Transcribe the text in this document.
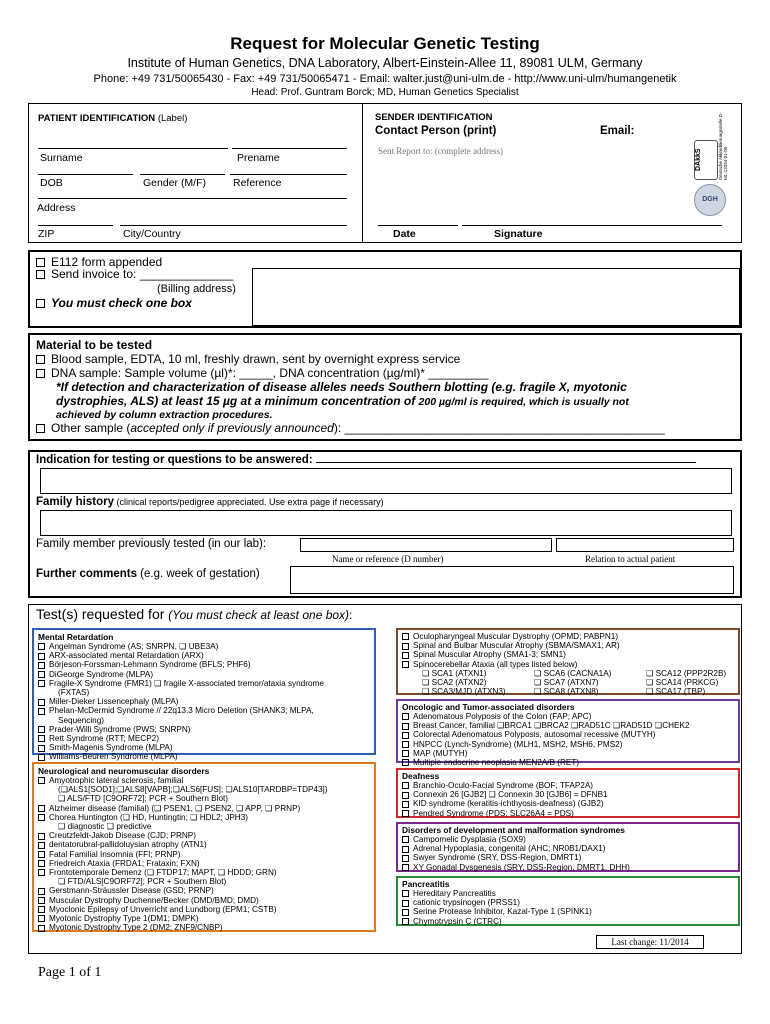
Request for Molecular Genetic Testing
Institute of Human Genetics, DNA Laboratory, Albert-Einstein-Allee 11, 89081 ULM, Germany
Phone: +49 731/50065430 - Fax: +49 731/50065471 - Email: walter.just@uni-ulm.de - http://www.uni-ulm/humangenetik
Head: Prof. Guntram Borck; MD, Human Genetics Specialist
PATIENT IDENTIFICATION (Label)
Surname	Prename
DOB	Gender (M/F)	Reference
Address
ZIP	City/Country
SENDER IDENTIFICATION
Contact Person (print)	Email:
Sent Report to: (complete address)	DAkkS	Deutsche Akkreditierungsstelle D-ML-13294-01-00
DGH
Date	Signature
E112 form appended
Send invoice to: ______________
(Billing address)
You must check one box
Material to be tested
Blood sample, EDTA, 10 ml, freshly drawn, sent by overnight express service
DNA sample: Sample volume (µl)*: _____, DNA concentration (µg/ml)* _________
*If detection and characterization of disease alleles needs Southern blotting (e.g. fragile X, myotonic
dystrophies, ALS) at least 15 µg at a minimum concentration of 200 µg/ml is required, which is usually not
achieved by column extraction procedures.
Other sample (accepted only if previously announced): ________________________________________________
Indication for testing or questions to be answered:
Family history (clinical reports/pedigree appreciated. Use extra page if necessary)
Family member previously tested (in our lab):
Name or reference (D number)	Relation to actual patient
Further comments (e.g. week of gestation)
Test(s) requested for (You must check at least one box):
Mental Retardation
Angelman Syndrome (AS; SNRPN, ❑ UBE3A)
ARX-associated mental Retardation (ARX)
Börjeson-Forssman-Lehmann Syndrome (BFLS; PHF6)
DiGeorge Syndrome (MLPA)
Fragile-X Syndrome (FMR1) ❑ fragile X-associated tremor/ataxia syndrome
(FXTAS)
Miller-Dieker Lissencephaly (MLPA)
Phelan-McDermid Syndrome // 22q13.3 Micro Deletion (SHANK3; MLPA,
Sequencing)
Prader-Willi Syndrome (PWS; SNRPN)
Rett Syndrome (RTT; MECP2)
Smith-Magenis Syndrome (MLPA)
Williams-Beuren Syndrome (MLPA)
Neurological and neuromuscular disorders
Amyotrophic lateral sclerosis, familial
(❑ALS1[SOD1];❑ALS8[VAPB];❑ALS6[FUS]; ❑ALS10[TARDBP=TDP43])
❑ ALS/FTD [C9ORF72]; PCR + Southern Blot)
Alzheimer disease (familial) (❑ PSEN1, ❑ PSEN2, ❑ APP, ❑ PRNP)
Chorea Huntington (❑ HD, Huntingtin; ❑ HDL2; JPH3)
❑ diagnostic ❑ predictive
Creutzfeldt-Jakob Disease (CJD; PRNP)
dentatorubral-pallidoluysian atrophy (ATN1)
Fatal Familial Insomnia (FFI; PRNP)
Friedreich Ataxia (FRDA1; Frataxin; FXN)
Frontotemporale Demenz (❑ FTDP17; MAPT, ❑ HDDD; GRN)
❑ FTD/ALS[C9ORF72]; PCR + Southern Blot)
Gerstmann-Sträussler Disease (GSD; PRNP)
Muscular Dystrophy Duchenne/Becker (DMD/BMD; DMD)
Myoclonic Epilepsy of Unverricht and Lundborg (EPM1; CSTB)
Myotonic Dystrophy Type 1(DM1; DMPK)
Myotonic Dystrophy Type 2 (DM2; ZNF9/CNBP)
Oculopharyngeal Muscular Dystrophy (OPMD; PABPN1)
Spinal and Bulbar Muscular Atrophy (SBMA/SMAX1; AR)
Spinal Muscular Atrophy (SMA1-3; SMN1)
Spinocerebellar Ataxia (all types listed below)
❑ SCA1 (ATXN1)	❑ SCA6 (CACNA1A)	❑ SCA12 (PPP2R2B)
❑ SCA2 (ATXN2)	❑ SCA7 (ATXN7)	❑ SCA14 (PRKCG)
❑ SCA3/MJD (ATXN3)	❑ SCA8 (ATXN8)	❑ SCA17 (TBP)
Oncologic and Tumor-associated disorders
Adenomatous Polyposis of the Colon (FAP; APC)
Breast Cancer, familial ❑BRCA1 ❑BRCA2 ❑RAD51C ❑RAD51D ❑CHEK2
Colorectal Adenomatous Polyposis, autosomal recessive (MUTYH)
HNPCC (Lynch-Syndrome) (MLH1, MSH2, MSH6, PMS2)
MAP (MUTYH)
Multiple endocrine neoplasia MEN2A/B (RET)
Deafness
Branchio-Oculo-Facial Syndrome (BOF; TFAP2A)
Connexin 26 [GJB2] ❑ Connexin 30 [GJB6] = DFNB1
KID syndrome (keratitis-ichthyosis-deafness) (GJB2)
Pendred Syndrome (PDS; SLC26A4 = PDS)
Disorders of development and malformation syndromes
Campomelic Dysplasia (SOX9)
Adrenal Hypoplasia, congenital (AHC; NR0B1/DAX1)
Swyer Syndrome (SRY, DSS-Region, DMRT1)
XY Gonadal Dysgenesis (SRY, DSS-Region, DMRT1, DHH)
Pancreatitis
Hereditary Pancreatitis
cationic trypsinogen (PRSS1)
Serine Protease Inhibitor, Kazal-Type 1 (SPINK1)
Chymotrypsin C (CTRC)
Last change: 11/2014
Page 1 of 1
